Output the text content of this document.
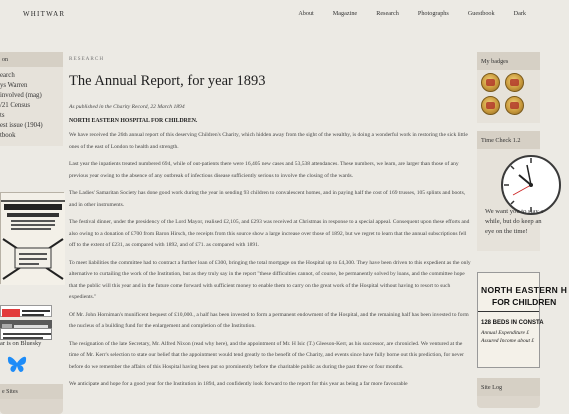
WHITWAR	About	Magazine	Research	Photographs	Guestbook	Dark
on
earch
ys Warren
involved (mag)
/21 Census
ts
est issue (1904)
tbook
ar is on Bluesky
e Sites
RESEARCH
The Annual Report, for year 1893
As published in the Charity Record, 22 March 1894
NORTH EASTERN HOSPITAL FOR CHILDREN.

We have received the 26th annual report of this deserving Children's Charity, which hidden away from the sight of the wealthy, is doing a wonderful work in restoring the sick little ones of the east of London to health and strength.

Last year the inpatients treated numbered 694, while of out-patients there were 16,405 new cases and 53,538 attendances. These numbers, we learn, are larger than those of any previous year owing to the absence of any outbreak of infectious disease sufficiently serious to involve the closing of the wards.

The Ladies' Samaritan Society has done good work during the year in sending 93 children to convalescent homes, and in paying half the cost of 169 trusses, 105 splints and boots, and in other instruments.

The festival dinner, under the presidency of the Lord Mayor, realised £2,105, and £293 was received at Christmas in response to a special appeal. Consequent upon these efforts and also owing to a donation of £700 from Baron Hirsch, the receipts from this source show a large increase over those of 1892, but we regret to learn that the annual subscriptions fell off to the extent of £231, as compared with 1892, and of £71. as compared with 1891.

To meet liabilities the committee had to contract a further loan of £300, bringing the total mortgage on the Hospital up to £4,300. They have been driven to this expedient as the only alternative to curtailing the work of the Institution, but as they truly say in the report "these difficulties cannot, of course, be permanently solved by loans, and the committee hope that the public will this year and in the future come forward with sufficient money to enable them to carry on the great work of the Hospital without having to resort to such expedients."

Of Mr. John Horniman's munificent bequest of £10,000., a half has been invested to form a permanent endowment of the Hospital, and the remaining half has been invested to form the nucleus of a building fund for the enlargement and completion of the Institution.

The resignation of the late Secretary, Mr. Alfred Nixon (read why here), and the appointment of Mr. H Isic (T.) Gleeson-Kerr, as his successor, are chronicled. We ventured at the time of Mr. Kerr's selection to state our belief that the appointment would tend greatly to the benefit of the Charity, and events since have fully borne out this prediction, for never before do we remember the affairs of this Hospital having been put so prominently before the charitable public as during the past three or four months.

We anticipate and hope for a good year for the Institution in 1894, and confidently look forward to the report for this year as being a far more favourable

My badges
Time Check 1.2
We want you to stay a while, but do keep an eye on the time!
NORTH EASTERN H
FOR CHILDREN
128 BEDS IN CONSTA
Annual Expenditure £
Assured Income about £
Site Log
